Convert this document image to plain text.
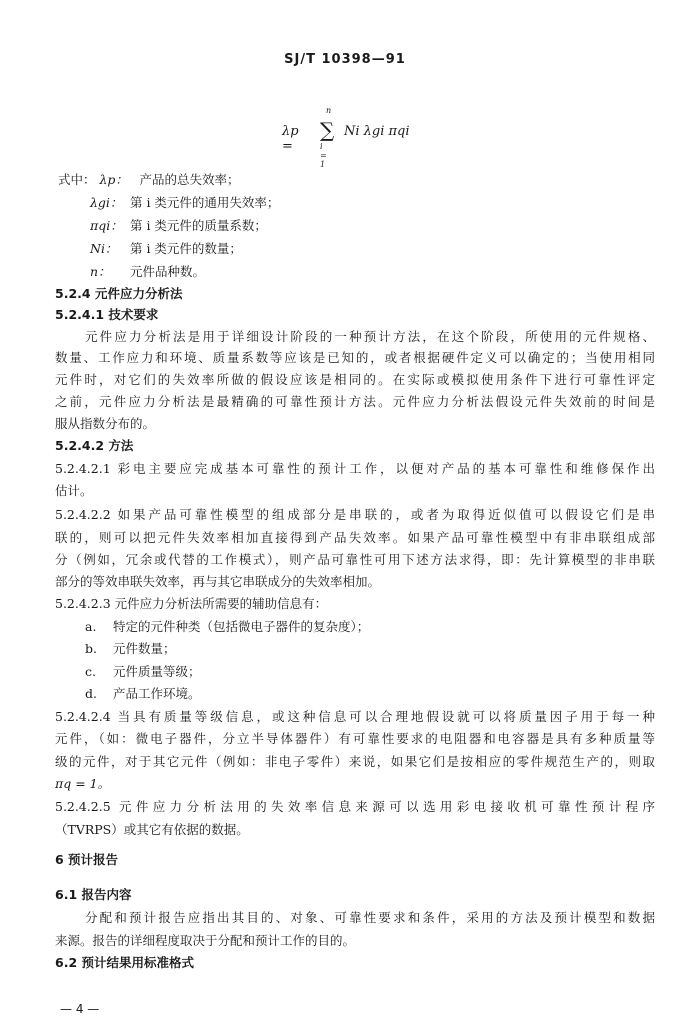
SJ/T 10398—91
λp =
n
∑
i = 1
Ni λgi πqi
式中： λp： 产品的总失效率；
λgi： 第 i 类元件的通用失效率；
πqi： 第 i 类元件的质量系数；
Ni： 第 i 类元件的数量；
n： 元件品种数。
5.2.4 元件应力分析法
5.2.4.1 技术要求
元件应力分析法是用于详细设计阶段的一种预计方法，在这个阶段，所使用的元件规格、
数量、工作应力和环境、质量系数等应该是已知的，或者根据硬件定义可以确定的；当使用相同
元件时，对它们的失效率所做的假设应该是相同的。在实际或模拟使用条件下进行可靠性评定
之前，元件应力分析法是最精确的可靠性预计方法。元件应力分析法假设元件失效前的时间是
服从指数分布的。
5.2.4.2 方法
5.2.4.2.1 彩电主要应完成基本可靠性的预计工作，以便对产品的基本可靠性和维修保作出
估计。
5.2.4.2.2 如果产品可靠性模型的组成部分是串联的，或者为取得近似值可以假设它们是串
联的，则可以把元件失效率相加直接得到产品失效率。如果产品可靠性模型中有非串联组成部
分（例如，冗余或代替的工作模式），则产品可靠性可用下述方法求得，即：先计算模型的非串联
部分的等效串联失效率，再与其它串联成分的失效率相加。
5.2.4.2.3 元件应力分析法所需要的辅助信息有：
a. 特定的元件种类（包括微电子器件的复杂度）；
b. 元件数量；
c. 元件质量等级；
d. 产品工作环境。
5.2.4.2.4 当具有质量等级信息，或这种信息可以合理地假设就可以将质量因子用于每一种
元件，（如：微电子器件，分立半导体器件）有可靠性要求的电阻器和电容器是具有多种质量等
级的元件，对于其它元件（例如：非电子零件）来说，如果它们是按相应的零件规范生产的，则取
πq = 1。
5.2.4.2.5 元件应力分析法用的失效率信息来源可以选用彩电接收机可靠性预计程序
（TVRPS）或其它有依据的数据。
6 预计报告
6.1 报告内容
分配和预计报告应指出其目的、对象、可靠性要求和条件，采用的方法及预计模型和数据
来源。报告的详细程度取决于分配和预计工作的目的。
6.2 预计结果用标准格式
— 4 —
